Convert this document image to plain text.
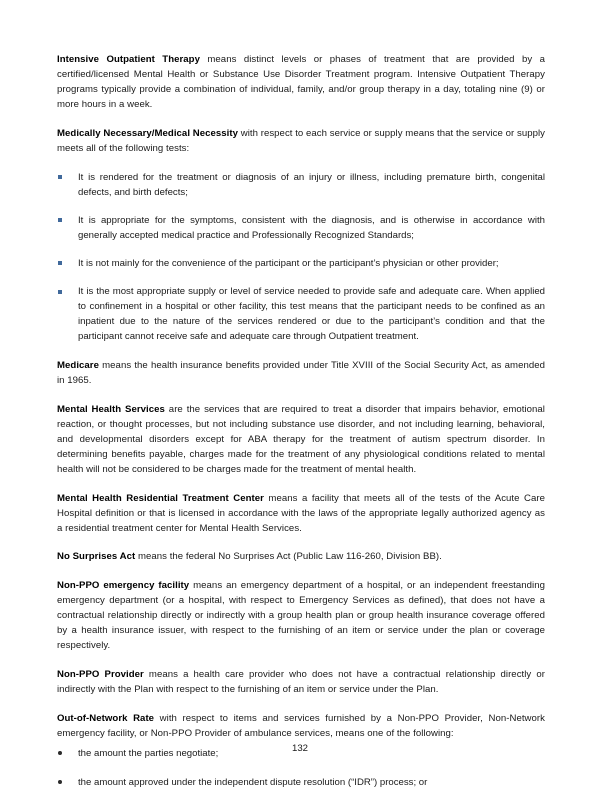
Intensive Outpatient Therapy means distinct levels or phases of treatment that are provided by a certified/licensed Mental Health or Substance Use Disorder Treatment program. Intensive Outpatient Therapy programs typically provide a combination of individual, family, and/or group therapy in a day, totaling nine (9) or more hours in a week.

Medically Necessary/Medical Necessity with respect to each service or supply means that the service or supply meets all of the following tests:

It is rendered for the treatment or diagnosis of an injury or illness, including premature birth, congenital defects, and birth defects;
It is appropriate for the symptoms, consistent with the diagnosis, and is otherwise in accordance with generally accepted medical practice and Professionally Recognized Standards;
It is not mainly for the convenience of the participant or the participant’s physician or other provider;
It is the most appropriate supply or level of service needed to provide safe and adequate care. When applied to confinement in a hospital or other facility, this test means that the participant needs to be confined as an inpatient due to the nature of the services rendered or due to the participant’s condition and that the participant cannot receive safe and adequate care through Outpatient treatment.

Medicare means the health insurance benefits provided under Title XVIII of the Social Security Act, as amended in 1965.

Mental Health Services are the services that are required to treat a disorder that impairs behavior, emotional reaction, or thought processes, but not including substance use disorder, and not including learning, behavioral, and developmental disorders except for ABA therapy for the treatment of autism spectrum disorder. In determining benefits payable, charges made for the treatment of any physiological conditions related to mental health will not be considered to be charges made for the treatment of mental health.

Mental Health Residential Treatment Center means a facility that meets all of the tests of the Acute Care Hospital definition or that is licensed in accordance with the laws of the appropriate legally authorized agency as a residential treatment center for Mental Health Services.

No Surprises Act means the federal No Surprises Act (Public Law 116-260, Division BB).

Non-PPO emergency facility means an emergency department of a hospital, or an independent freestanding emergency department (or a hospital, with respect to Emergency Services as defined), that does not have a contractual relationship directly or indirectly with a group health plan or group health insurance coverage offered by a health insurance issuer, with respect to the furnishing of an item or service under the plan or coverage respectively.

Non-PPO Provider means a health care provider who does not have a contractual relationship directly or indirectly with the Plan with respect to the furnishing of an item or service under the Plan.

Out-of-Network Rate with respect to items and services furnished by a Non-PPO Provider, Non-Network emergency facility, or Non-PPO Provider of ambulance services, means one of the following:

the amount the parties negotiate;
the amount approved under the independent dispute resolution (“IDR”) process; or
132
